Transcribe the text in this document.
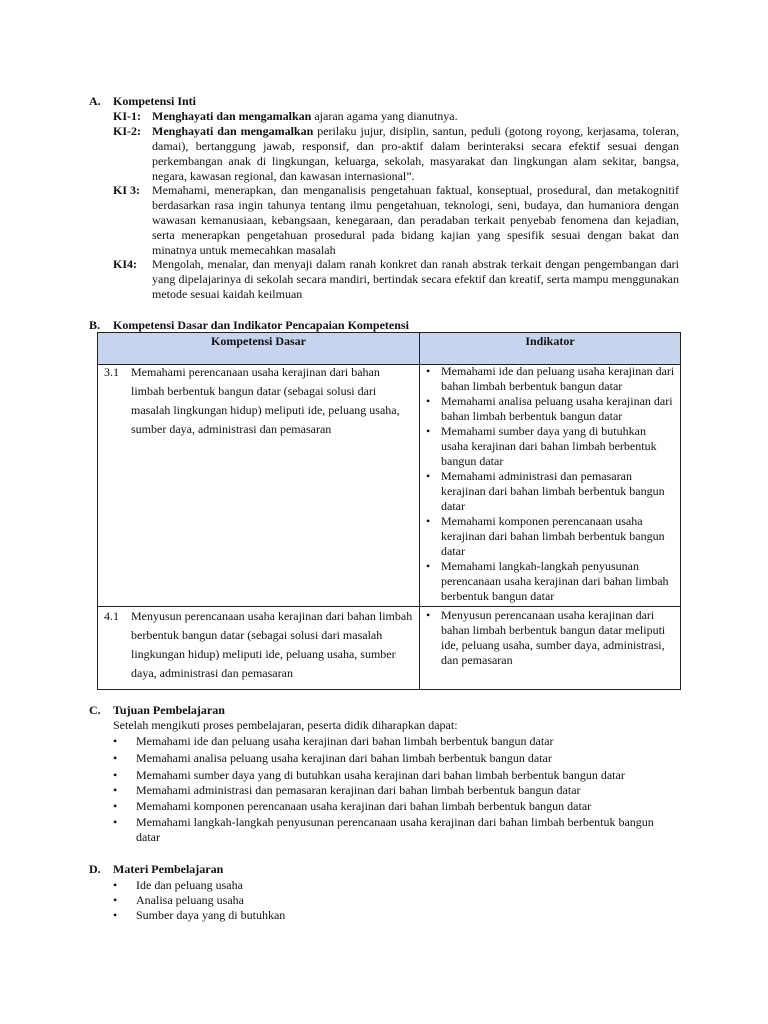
A. Kompetensi Inti
KI-1: Menghayati dan mengamalkan ajaran agama yang dianutnya.
KI-2: Menghayati dan mengamalkan perilaku jujur, disiplin, santun, peduli (gotong royong, kerjasama, toleran, damai), bertanggung jawab, responsif, dan pro-aktif dalam berinteraksi secara efektif sesuai dengan perkembangan anak di lingkungan, keluarga, sekolah, masyarakat dan lingkungan alam sekitar, bangsa, negara, kawasan regional, dan kawasan internasional”.
KI 3: Memahami, menerapkan, dan menganalisis pengetahuan faktual, konseptual, prosedural, dan metakognitif berdasarkan rasa ingin tahunya tentang ilmu pengetahuan, teknologi, seni, budaya, dan humaniora dengan wawasan kemanusiaan, kebangsaan, kenegaraan, dan peradaban terkait penyebab fenomena dan kejadian, serta menerapkan pengetahuan prosedural pada bidang kajian yang spesifik sesuai dengan bakat dan minatnya untuk memecahkan masalah
KI4: Mengolah, menalar, dan menyaji dalam ranah konkret dan ranah abstrak terkait dengan pengembangan dari yang dipelajarinya di sekolah secara mandiri, bertindak secara efektif dan kreatif, serta mampu menggunakan metode sesuai kaidah keilmuan
B. Kompetensi Dasar dan Indikator Pencapaian Kompetensi
Kompetensi Dasar	Indikator
3.1 Memahami perencanaan usaha kerajinan dari bahan limbah berbentuk bangun datar (sebagai solusi dari masalah lingkungan hidup) meliputi ide, peluang usaha, sumber daya, administrasi dan pemasaran
• Memahami ide dan peluang usaha kerajinan dari bahan limbah berbentuk bangun datar
• Memahami analisa peluang usaha kerajinan dari bahan limbah berbentuk bangun datar
• Memahami sumber daya yang di butuhkan usaha kerajinan dari bahan limbah berbentuk bangun datar
• Memahami administrasi dan pemasaran kerajinan dari bahan limbah berbentuk bangun datar
• Memahami komponen perencanaan usaha kerajinan dari bahan limbah berbentuk bangun datar
• Memahami langkah-langkah penyusunan perencanaan usaha kerajinan dari bahan limbah berbentuk bangun datar
4.1 Menyusun perencanaan usaha kerajinan dari bahan limbah berbentuk bangun datar (sebagai solusi dari masalah lingkungan hidup) meliputi ide, peluang usaha, sumber daya, administrasi dan pemasaran
• Menyusun perencanaan usaha kerajinan dari bahan limbah berbentuk bangun datar meliputi ide, peluang usaha, sumber daya, administrasi, dan pemasaran
C. Tujuan Pembelajaran
Setelah mengikuti proses pembelajaran, peserta didik diharapkan dapat:
• Memahami ide dan peluang usaha kerajinan dari bahan limbah berbentuk bangun datar
• Memahami analisa peluang usaha kerajinan dari bahan limbah berbentuk bangun datar
• Memahami sumber daya yang di butuhkan usaha kerajinan dari bahan limbah berbentuk bangun datar
• Memahami administrasi dan pemasaran kerajinan dari bahan limbah berbentuk bangun datar
• Memahami komponen perencanaan usaha kerajinan dari bahan limbah berbentuk bangun datar
• Memahami langkah-langkah penyusunan perencanaan usaha kerajinan dari bahan limbah berbentuk bangun datar
D. Materi Pembelajaran
• Ide dan peluang usaha
• Analisa peluang usaha
• Sumber daya yang di butuhkan
